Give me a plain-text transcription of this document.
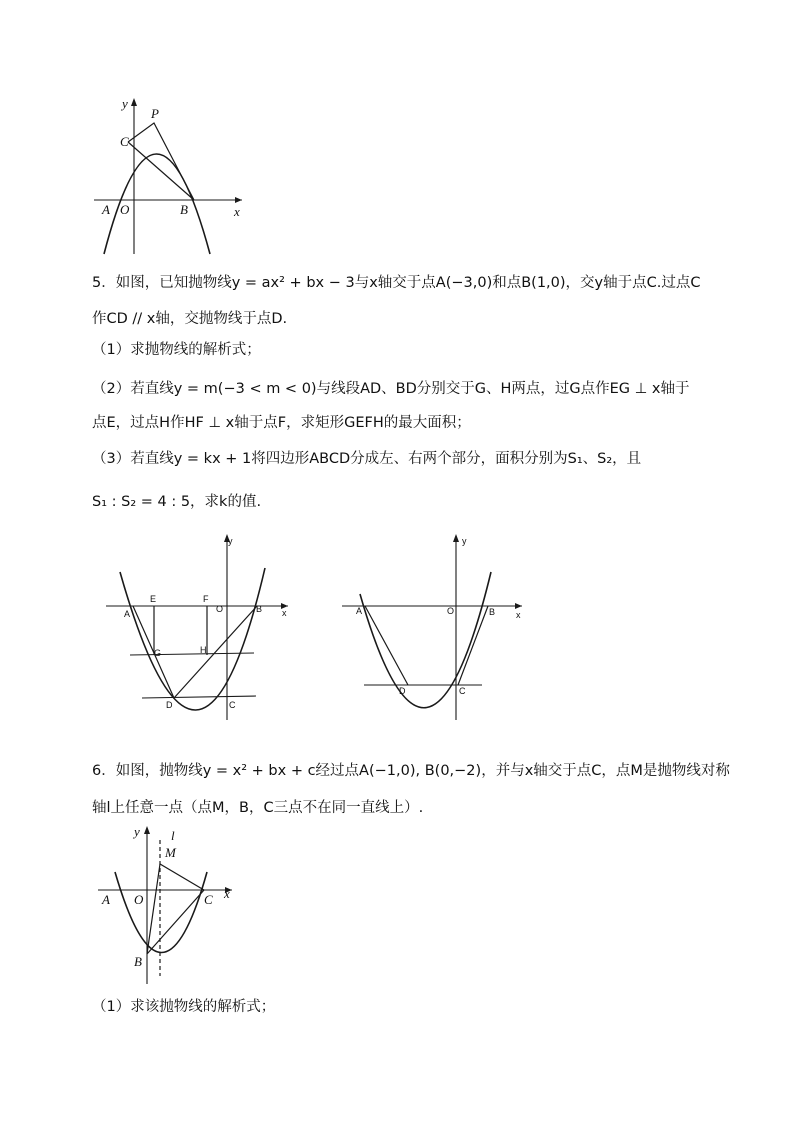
y
P
C
A O	B	x
5．如图，已知抛物线y = ax² + bx − 3与x轴交于点A(−3,0)和点B(1,0)，交y轴于点C.过点C
作CD // x轴，交抛物线于点D.
（1）求抛物线的解析式；
（2）若直线y = m(−3 < m < 0)与线段AD、BD分别交于G、H两点，过G点作EG ⊥ x轴于
点E，过点H作HF ⊥ x轴于点F，求矩形GEFH的最大面积；
（3）若直线y = kx + 1将四边形ABCD分成左、右两个部分，面积分别为S₁、S₂，且
S₁ : S₂ = 4 : 5，求k的值.
y
x
E	F
O	B
A
G	H
D	C
y
x
O
A	B
D	C
6．如图，抛物线y = x² + bx + c经过点A(−1,0), B(0,−2)，并与x轴交于点C，点M是抛物线对称
轴l上任意一点（点M，B，C三点不在同一直线上）.
y l
M
A O	C x
B
（1）求该抛物线的解析式；
